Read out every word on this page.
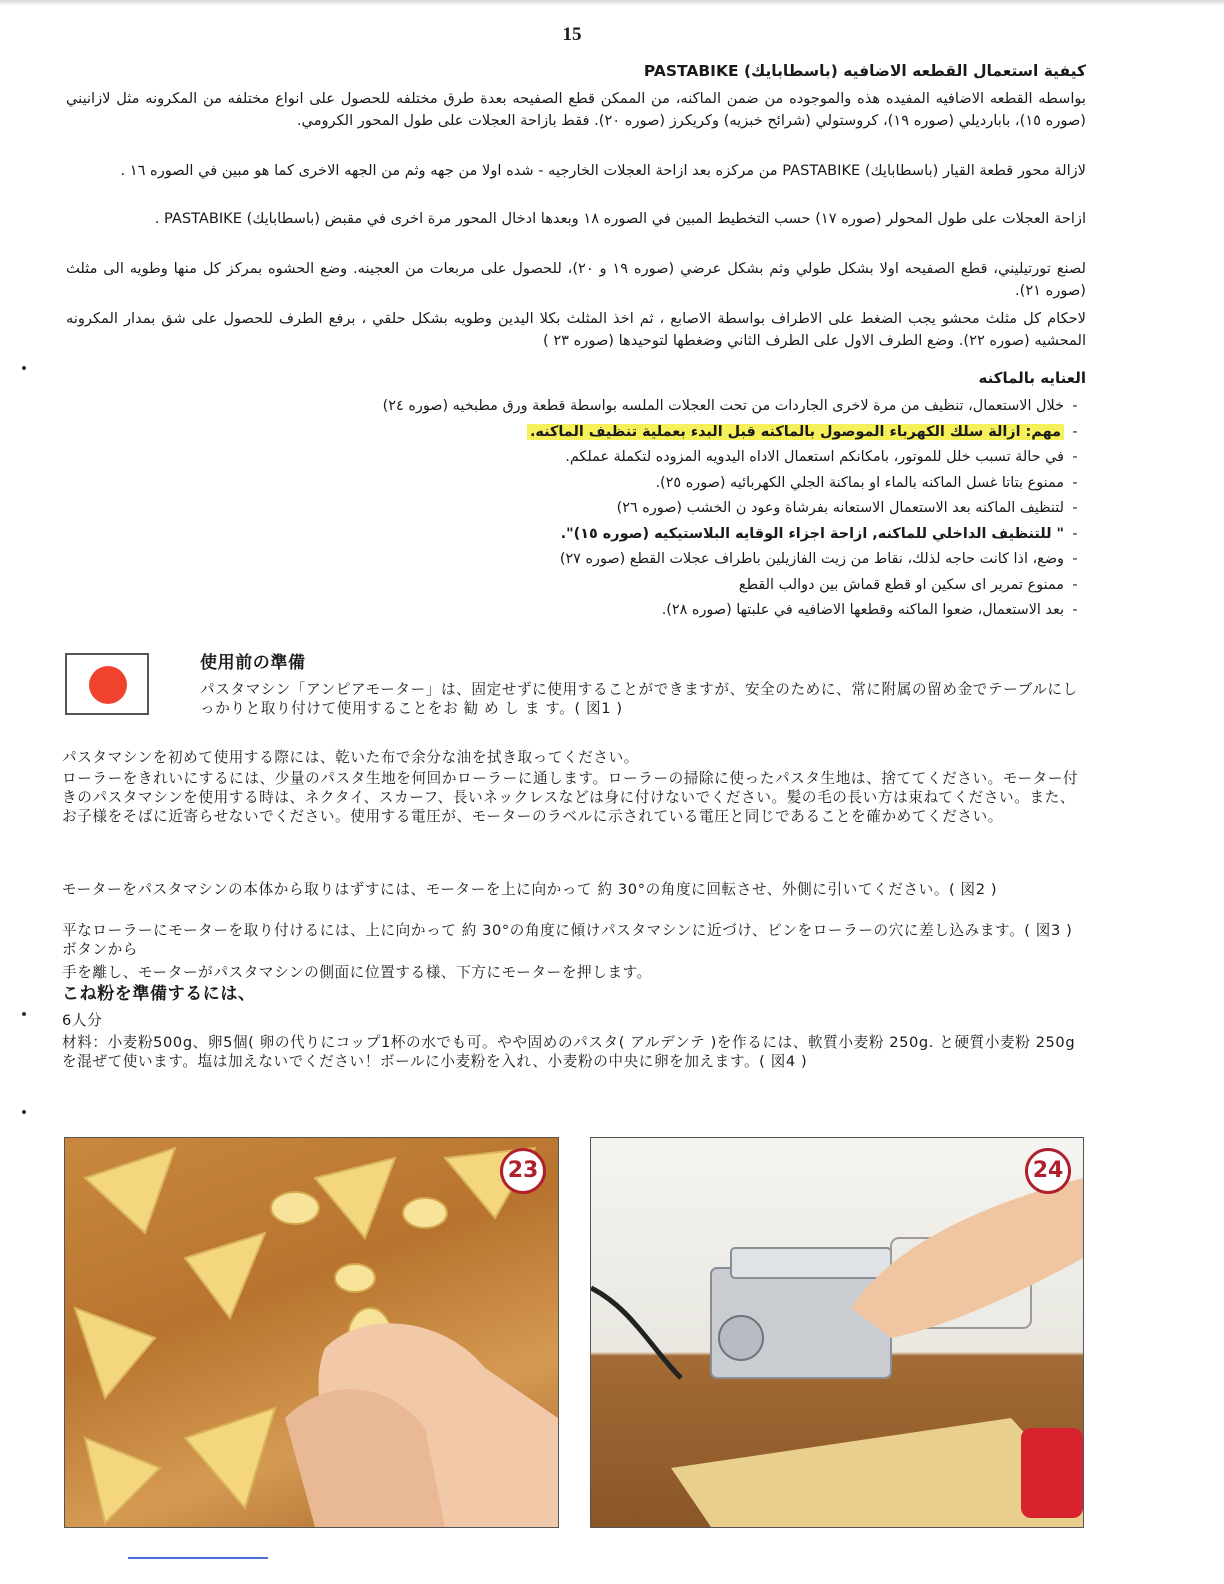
15
كيفية استعمال القطعه الاضافيه (باسطابايك) PASTABIKE
بواسطه القطعه الاضافيه المفيده هذه والموجوده من ضمن الماكنه، من الممكن قطع الصفيحه بعدة طرق مختلفه للحصول على انواع مختلفه من المكرونه مثل لازانيني (صوره ١٥)، باباردیلي (صوره ١٩)، كروستولي (شرائح خبزيه) وكريكرز (صوره ٢٠). فقط بازاحة العجلات على طول المحور الكرومي.
لازالة محور قطعة القيار (باسطابايك) PASTABIKE من مركزه بعد ازاحة العجلات الخارجيه - شده اولا من جهه وثم من الجهه الاخرى كما هو مبين في الصوره ١٦ .
ازاحة العجلات على طول المحولر (صوره ١٧) حسب التخطيط المبين في الصوره ١٨ وبعدها ادخال المحور مرة اخرى في مقبض (باسطابايك) PASTABIKE .
لصنع تورتيليني، قطع الصفيحه اولا بشكل طولي وثم بشكل عرضي (صوره ١٩ و ٢٠)، للحصول على مربعات من العجينه. وضع الحشوه بمركز كل منها وطويه الى مثلث (صوره ٢١).
لاحكام كل مثلث محشو يجب الضغط على الاطراف بواسطة الاصابع ، ثم اخذ المثلث بكلا اليدين وطويه بشكل حلقي ، برفع الطرف للحصول على شق بمدار المكرونه المحشيه (صوره ٢٢). وضع الطرف الاول على الطرف الثاني وضغطها لتوحيدها (صوره ٢٣ )
العنايه بالماكنه
-خلال الاستعمال، تنظيف من مرة لاخرى الجاردات من تحت العجلات الملسه بواسطة قطعة ورق مطبخيه (صوره ٢٤)
-مهم: ازالة سلك الكهرباء الموصول بالماكنه قبل البدء بعملية تنظيف الماكنه.
-في حالة تسبب خلل للموتور، بامكانكم استعمال الاداه اليدويه المزوده لتكملة عملكم.
-ممنوع بتاتا غسل الماكنه بالماء او بماكنة الجلي الكهربائيه (صوره ٢٥).
-لتنظيف الماكنه بعد الاستعمال الاستعانه بفرشاة وعود ن الخشب (صوره ٢٦)
-" للتنظيف الداخلي للماكنه, ازاحة اجزاء الوقايه البلاستيكيه (صوره ١٥)".
-وضع، اذا كانت حاجه لذلك، نقاط من زيت الفازيلين باطراف عجلات القطع (صوره ٢٧)
-ممنوع تمرير اى سكين او قطع قماش بين دوالب القطع
-بعد الاستعمال، ضعوا الماكنه وقطعها الاضافيه في علبتها (صوره ٢٨).
使用前の準備
パスタマシン「アンピアモーター」は、固定せずに使用することができますが、安全のために、常に附属の留め金でテーブルにしっかりと取り付けて使用することをお 勧 め し ま す。( 図1 )
パスタマシンを初めて使用する際には、乾いた布で余分な油を拭き取ってください。
ローラーをきれいにするには、少量のパスタ生地を何回かローラーに通します。ローラーの掃除に使ったパスタ生地は、捨ててください。モーター付きのパスタマシンを使用する時は、ネクタイ、スカーフ、長いネックレスなどは身に付けないでください。髪の毛の長い方は束ねてください。また、お子様をそばに近寄らせないでください。使用する電圧が、モーターのラベルに示されている電圧と同じであることを確かめてください。
モーターをパスタマシンの本体から取りはずすには、モーターを上に向かって 約 30°の角度に回転させ、外側に引いてください。( 図2 )
平なローラーにモーターを取り付けるには、上に向かって 約 30°の角度に傾けパスタマシンに近づけ、ピンをローラーの穴に差し込みます。( 図3 )ボタンから
手を離し、モーターがパスタマシンの側面に位置する様、下方にモーターを押します。
こね粉を準備するには、
6人分
材料：小麦粉500g、卵5個( 卵の代りにコップ1杯の水でも可。やや固めのパスタ( アルデンテ )を作るには、軟質小麦粉 250g. と硬質小麦粉 250gを混ぜて使います。塩は加えないでください！ボールに小麦粉を入れ、小麦粉の中央に卵を加えます。( 図4 )
23	24
